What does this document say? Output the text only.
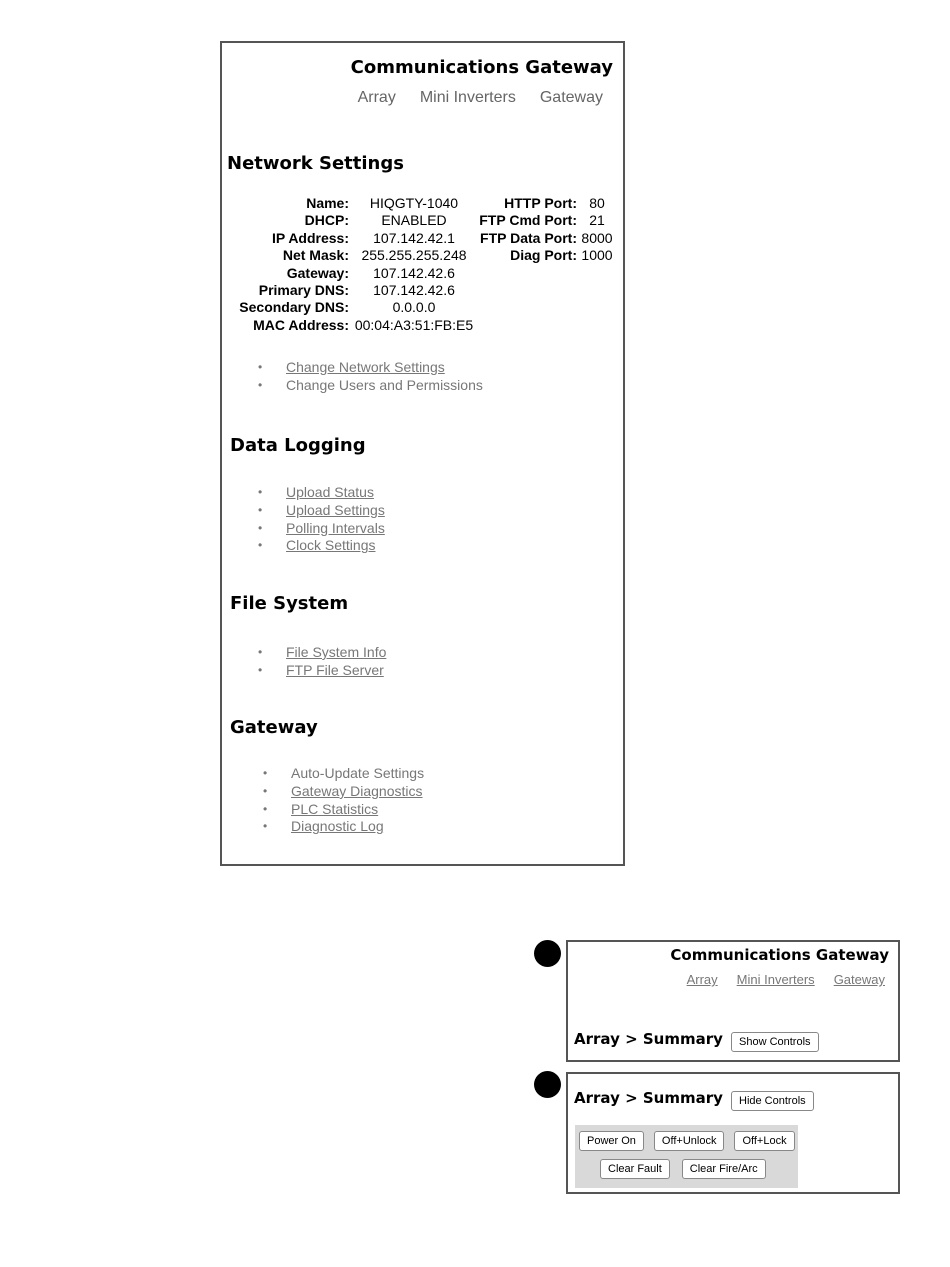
Communications Gateway
Array Mini Inverters Gateway
Network Settings
Name:	HIQGTY-1040
DHCP:	ENABLED
IP Address:	107.142.42.1
Net Mask: 255.255.255.248
Gateway:	107.142.42.6
Primary DNS:	107.142.42.6
Secondary DNS:	0.0.0.0
MAC Address: 00:04:A3:51:FB:E5
HTTP Port: 80
FTP Cmd Port: 21
FTP Data Port: 8000
Diag Port: 1000
• Change Network Settings
• Change Users and Permissions
Data Logging
• Upload Status
• Upload Settings
• Polling Intervals
• Clock Settings
File System
• File System Info
• FTP File Server
Gateway
• Auto-Update Settings
• Gateway Diagnostics
• PLC Statistics
• Diagnostic Log
Communications Gateway
Array Mini Inverters Gateway
Array > Summary	Show Controls
Array > Summary	Hide Controls
Power On	Off+Unlock	Off+Lock
Clear Fault	Clear Fire/Arc
